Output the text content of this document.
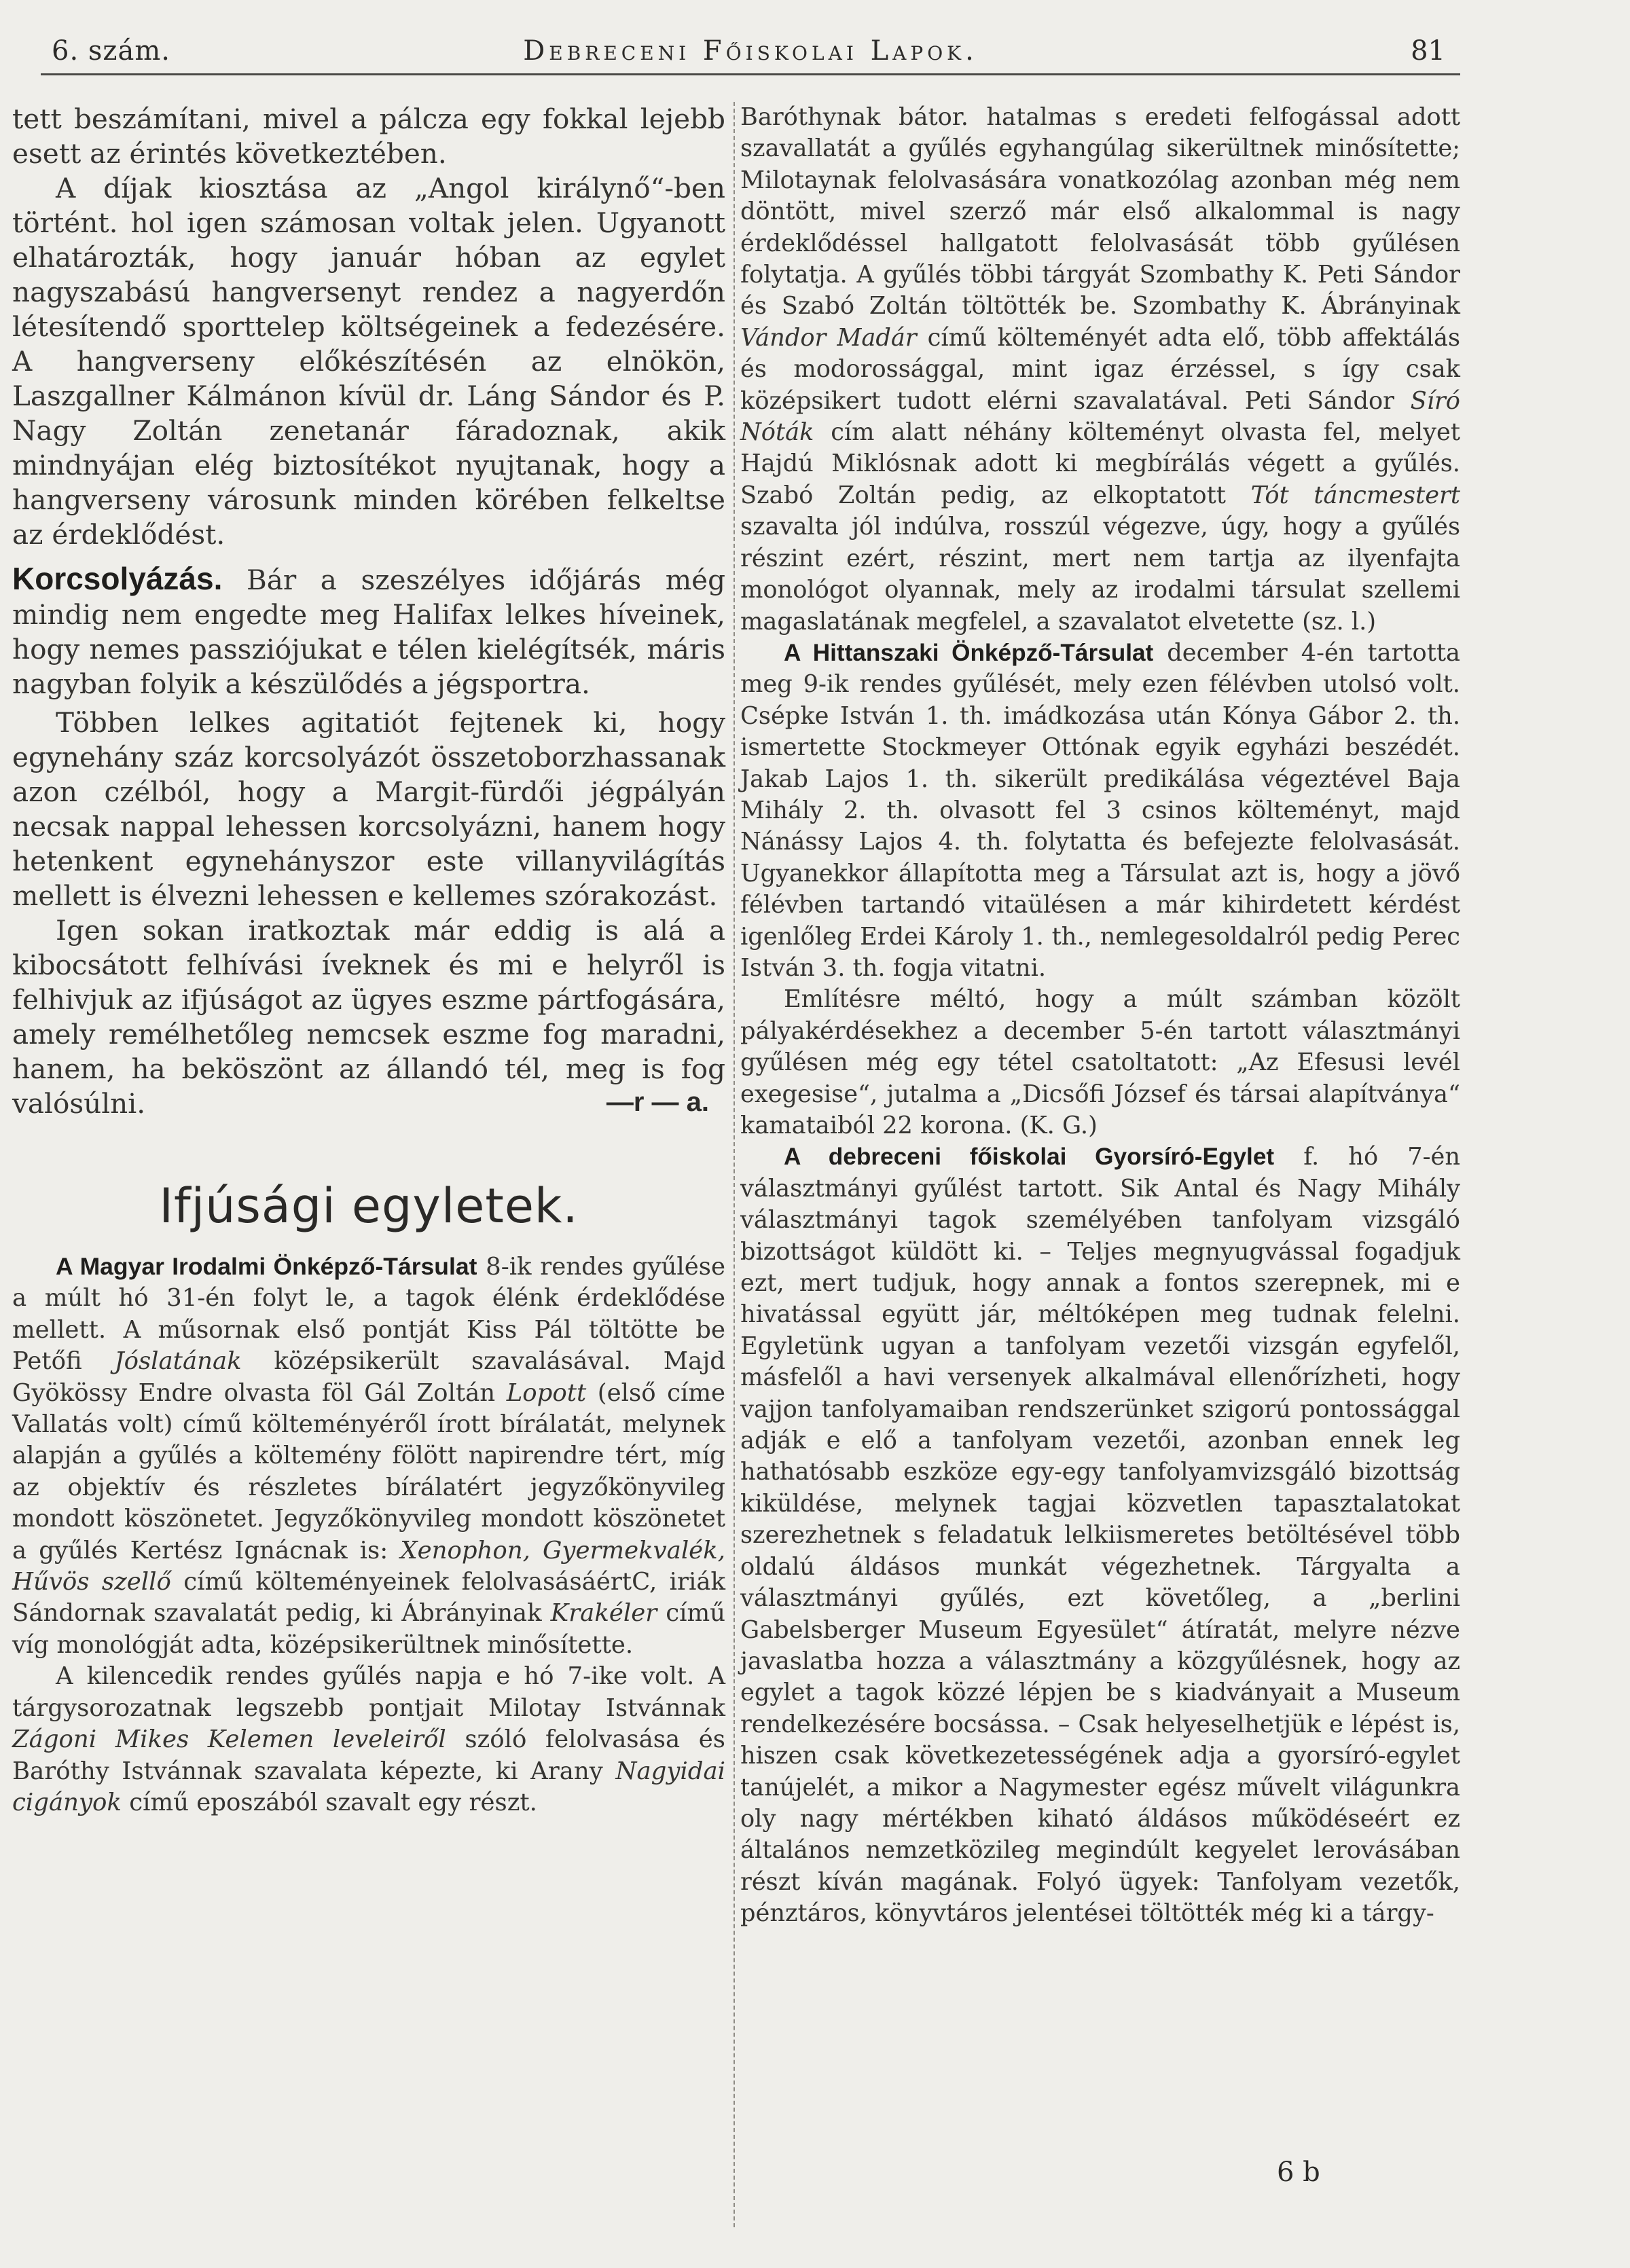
6. szám.	Debreceni Főiskolai Lapok.	81

tett beszámítani, mivel a pálcza egy fokkal lejebb esett az érintés következtében.

A díjak kiosztása az „Angol királynő“-ben történt. hol igen számosan voltak jelen. Ugyanott elhatározták, hogy január hóban az egylet nagyszabású hangversenyt rendez a nagyerdőn létesítendő sporttelep költségeinek a fedezésére. A hangverseny előkészítésén az elnökön, Laszgallner Kálmánon kívül dr. Láng Sándor és P. Nagy Zoltán zenetanár fáradoznak, akik mindnyájan elég biztosítékot nyujtanak, hogy a hangverseny városunk minden körében felkeltse az érdeklődést.

Korcsolyázás. Bár a szeszélyes időjárás még mindig nem engedte meg Halifax lelkes híveinek, hogy nemes passziójukat e télen kielégítsék, máris nagyban folyik a készülődés a jégsportra.

Többen lelkes agitatiót fejtenek ki, hogy egynehány száz korcsolyázót összetoborzhassanak azon czélból, hogy a Margit-fürdői jégpályán necsak nappal lehessen korcsolyázni, hanem hogy hetenkent egynehányszor este villanyvilágítás mellett is élvezni lehessen e kellemes szórakozást.

Igen sokan iratkoztak már eddig is alá a kibocsátott felhívási íveknek és mi e helyről is felhivjuk az ifjúságot az ügyes eszme pártfogására, amely remélhetőleg nemcsek eszme fog maradni, hanem, ha beköszönt az állandó tél, meg is fog valósúlni.	—r — a.
Ifjúsági egyletek.

A Magyar Irodalmi Önképző-Társulat 8-ik rendes gyűlése a múlt hó 31-én folyt le, a tagok élénk érdeklődése mellett. A műsornak első pontját Kiss Pál töltötte be Petőfi Jóslatának középsikerült szavalásával. Majd Gyökössy Endre olvasta föl Gál Zoltán Lopott (első címe Vallatás volt) című költeményéről írott bírálatát, melynek alapján a gyűlés a költemény fölött napirendre tért, míg az objektív és részletes bírálatért jegyzőkönyvileg mondott köszönetet. Jegyzőkönyvileg mondott köszönetet a gyűlés Kertész Ignácnak is: Xenophon, Gyermekvalék, Hűvös szellő című költeményeinek felolvasásáértC, iriák Sándornak szavalatát pedig, ki Ábrányinak Krakéler című víg monológját adta, középsikerültnek minősítette.

A kilencedik rendes gyűlés napja e hó 7-ike volt. A tárgysorozatnak legszebb pontjait Milotay Istvánnak Zágoni Mikes Kelemen leveleiről szóló felolvasása és Baróthy Istvánnak szavalata képezte, ki Arany Nagyidai cigányok című eposzából szavalt egy részt.

Baróthynak bátor. hatalmas s eredeti felfogással adott szavallatát a gyűlés egyhangúlag sikerültnek minősítette; Milotaynak felolvasására vonatkozólag azonban még nem döntött, mivel szerző már első alkalommal is nagy érdeklődéssel hallgatott felolvasását több gyűlésen folytatja. A gyűlés többi tárgyát Szombathy K. Peti Sándor és Szabó Zoltán töltötték be. Szombathy K. Ábrányinak Vándor Madár című költeményét adta elő, több affektálás és modorossággal, mint igaz érzéssel, s így csak középsikert tudott elérni szavalatával. Peti Sándor Síró Nóták cím alatt néhány költeményt olvasta fel, melyet Hajdú Miklósnak adott ki megbírálás végett a gyűlés. Szabó Zoltán pedig, az elkoptatott Tót táncmestert szavalta jól indúlva, rosszúl végezve, úgy, hogy a gyűlés részint ezért, részint, mert nem tartja az ilyenfajta monológot olyannak, mely az irodalmi társulat szellemi magaslatának megfelel, a szavalatot elvetette (sz. l.)

A Hittanszaki Önképző-Társulat december 4-én tartotta meg 9-ik rendes gyűlését, mely ezen félévben utolsó volt. Csépke István 1. th. imádkozása után Kónya Gábor 2. th. ismertette Stockmeyer Ottónak egyik egyházi beszédét. Jakab Lajos 1. th. sikerült predikálása végeztével Baja Mihály 2. th. olvasott fel 3 csinos költeményt, majd Nánássy Lajos 4. th. folytatta és befejezte felolvasását. Ugyanekkor állapította meg a Társulat azt is, hogy a jövő félévben tartandó vitaülésen a már kihirdetett kérdést igenlőleg Erdei Károly 1. th., nemlegesoldalról pedig Perec István 3. th. fogja vitatni.

Említésre méltó, hogy a múlt számban közölt pályakérdésekhez a december 5-én tartott választmányi gyűlésen még egy tétel csatoltatott: „Az Efesusi levél exegesise“, jutalma a „Dicsőfi József és társai alapítványa“ kamataiból 22 korona. (K. G.)

A debreceni főiskolai Gyorsíró-Egylet f. hó 7-én választmányi gyűlést tartott. Sik Antal és Nagy Mihály választmányi tagok személyében tanfolyam vizsgáló bizottságot küldött ki. – Teljes megnyugvással fogadjuk ezt, mert tudjuk, hogy annak a fontos szerepnek, mi e hivatással együtt jár, méltóképen meg tudnak felelni. Egyletünk ugyan a tanfolyam vezetői vizsgán egyfelől, másfelől a havi versenyek alkalmával ellenőrízheti, hogy vajjon tanfolyamaiban rendszerünket szigorú pontossággal adják e elő a tanfolyam vezetői, azonban ennek leg hathatósabb eszköze egy-egy tanfolyamvizsgáló bizottság kiküldése, melynek tagjai közvetlen tapasztalatokat szerezhetnek s feladatuk lelkiismeretes betöltésével több oldalú áldásos munkát végezhetnek. Tárgyalta a választmányi gyűlés, ezt követőleg, a „berlini Gabelsberger Museum Egyesület“ átíratát, melyre nézve javaslatba hozza a választmány a közgyűlésnek, hogy az egylet a tagok közzé lépjen be s kiadványait a Museum rendelkezésére bocsássa. – Csak helyeselhetjük e lépést is, hiszen csak következetességének adja a gyorsíró-egylet tanújelét, a mikor a Nagymester egész művelt világunkra oly nagy mértékben kiható áldásos működéseért ez általános nemzetközileg megindúlt kegyelet lerovásában részt kíván magának. Folyó ügyek: Tanfolyam vezetők, pénztáros, könyvtáros jelentései töltötték még ki a tárgy-

6 b
